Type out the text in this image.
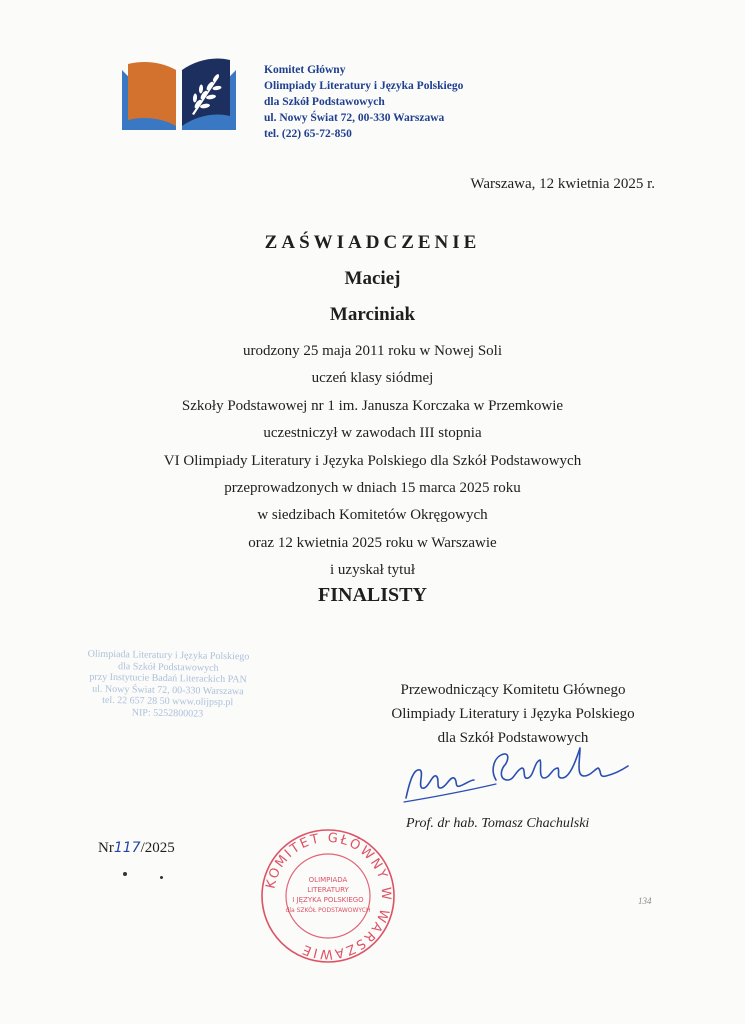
Komitet Główny
Olimpiady Literatury i Języka Polskiego
dla Szkół Podstawowych
ul. Nowy Świat 72, 00-330 Warszawa
tel. (22) 65-72-850
Warszawa, 12 kwietnia 2025 r.
ZAŚWIADCZENIE
Maciej
Marciniak
urodzony 25 maja 2011 roku w Nowej Soli
uczeń klasy siódmej
Szkoły Podstawowej nr 1 im. Janusza Korczaka w Przemkowie
uczestniczył w zawodach III stopnia
VI Olimpiady Literatury i Języka Polskiego dla Szkół Podstawowych
przeprowadzonych w dniach 15 marca 2025 roku
w siedzibach Komitetów Okręgowych
oraz 12 kwietnia 2025 roku w Warszawie
i uzyskał tytuł
FINALISTY
Olimpiada Literatury i Języka Polskiego
dla Szkół Podstawowych
przy Instytucie Badań Literackich PAN
ul. Nowy Świat 72, 00-330 Warszawa
tel. 22 657 28 50 www.olijpsp.pl
NIP: 5252800023
Przewodniczący Komitetu Głównego
Olimpiady Literatury i Języka Polskiego
dla Szkół Podstawowych
Prof. dr hab. Tomasz Chachulski
Nr117/2025
KOMITET GŁÓWNY W WARSZAWIE
OLIMPIADA
LITERATURY
I JĘZYKA POLSKIEGO
dla SZKÓŁ PODSTAWOWYCH
134
